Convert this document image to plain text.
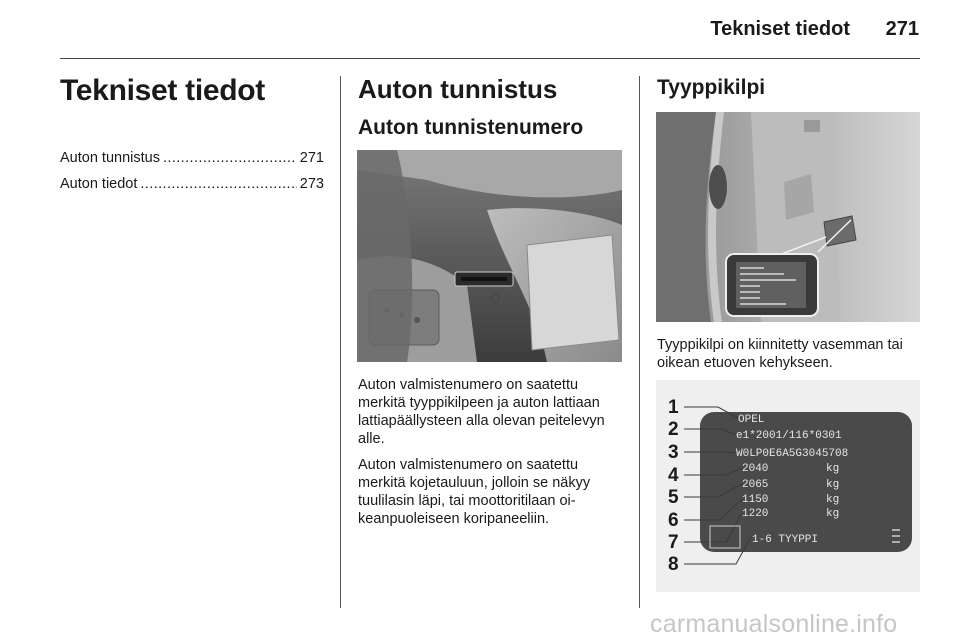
Tekniset tiedot	271
Tekniset tiedot
Auton tunnistus .....	271
Auton tiedot .....	273
Auton tunnistus
Auton tunnistenumero

Auton valmistenumero on saatettu merkitä tyyppikilpeen ja auton lattiaan lattiapäällysteen alla olevan peitelevyn alle.

Auton valmistenumero on saatettu merkitä kojetauluun, jolloin se näkyy tuulilasin läpi, tai moottoritilaan oikeanpuoleiseen koripaneeliin.

Tyyppikilpi

Tyyppikilpi on kiinnitetty vasemman tai oikean etuoven kehykseen.

1
2
3
4
5
6
7
8
OPEL
e1*2001/116*0301
W0LP0E6A5G3045708
2040
2065
1150
1220
kg
kg
kg
kg
1-6 TYYPPI
carmanualsonline.info
